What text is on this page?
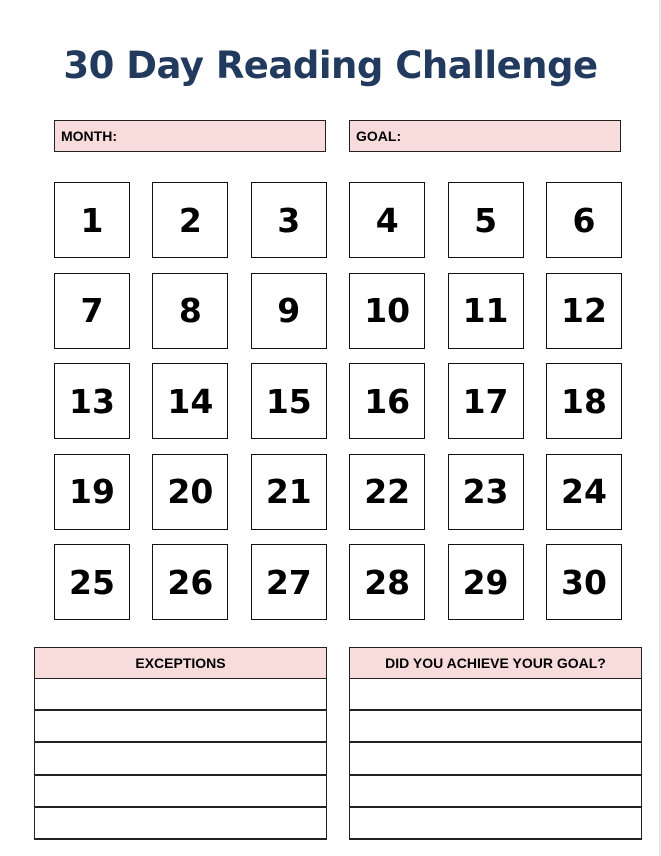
30 Day Reading Challenge
MONTH:	GOAL:
1	2	3	4	5	6
7	8	9	10	11	12
13	14	15	16	17	18
19	20	21	22	23	24
25	26	27	28	29	30
EXCEPTIONS	DID YOU ACHIEVE YOUR GOAL?
